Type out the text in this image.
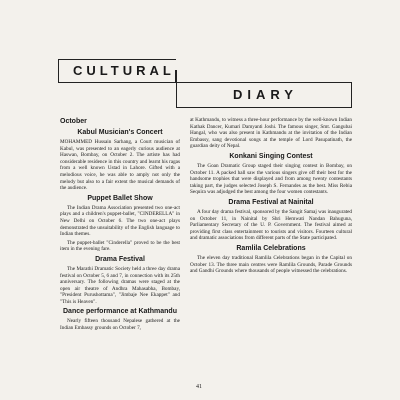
CULTURAL
DIARY
October
Kabul Musician's Concert

MOHAMMED Hussain Sarhang, a Court musician of Kabul, was presented to an eagerly curious audience at Haswan, Bombay, on October 2. The artiste has had considerable residence in this country and learnt his ragas from a well known Ustad in Lahore. Gifted with a melodious voice, he was able to amply not only the melody but also to a fair extent the musical demands of the audience.

Puppet Ballet Show

The Indian Drama Association presented two one-act plays and a children's puppet-ballet, "CINDERELLA" in New Delhi on October 6. The two one-act plays demonstrated the unsuitability of the English language to Indian themes.

The puppet-ballet "Cinderella" proved to be the best item in the evening fare.

Drama Festival

The Marathi Dramatic Society held a three day drama festival on October 5, 6 and 7, in connection with its 25th anniversary. The following dramas were staged at the open air theatre of Andhra Mahasabha, Bombay, "President Purushottama", "Jimbaje Nee Ekappet" and "This is Heaven".

Dance performance at Kathmandu

Nearly fifteen thousand Nepalese gathered at the Indian Embassy grounds on October 7,

at Kathmandu, to witness a three-hour performance by the well-known Indian Kathak Dancer, Kumari Damyanti Joshi. The famous singer, Smt. Gangubai Hangal, who was also present in Kathmandu at the invitation of the Indian Embassy, sang devotional songs at the temple of Lord Pasupatinath, the guardian deity of Nepal.

Konkani Singing Contest

The Goan Dramatic Group staged their singing contest in Bombay, on October 11. A packed hall saw the various singers give off their best for the handsome trophies that were displayed and from among twenty contestants taking part, the judges selected Joseph S. Fernandes as the best. Miss Rebia Sequira was adjudged the best among the four women contestants.

Drama Festival at Nainital

A four day drama festival, sponsored by the Sangit Samaj was inaugurated on October 11, in Nainital by Shri Hemwati Nandan Bahuguna, Parliamentary Secretary of the U. P. Government. The festival aimed at providing first class entertainment to tourists and visitors. Fourteen cultural and dramatic associations from different parts of the State participated.

Ramlila Celebrations

The eleven day traditional Ramlila Celebrations began in the Capital on October 13. The three main centres were Ramlila Grounds, Parade Grounds and Gandhi Grounds where thousands of people witnessed the celebrations.

41
